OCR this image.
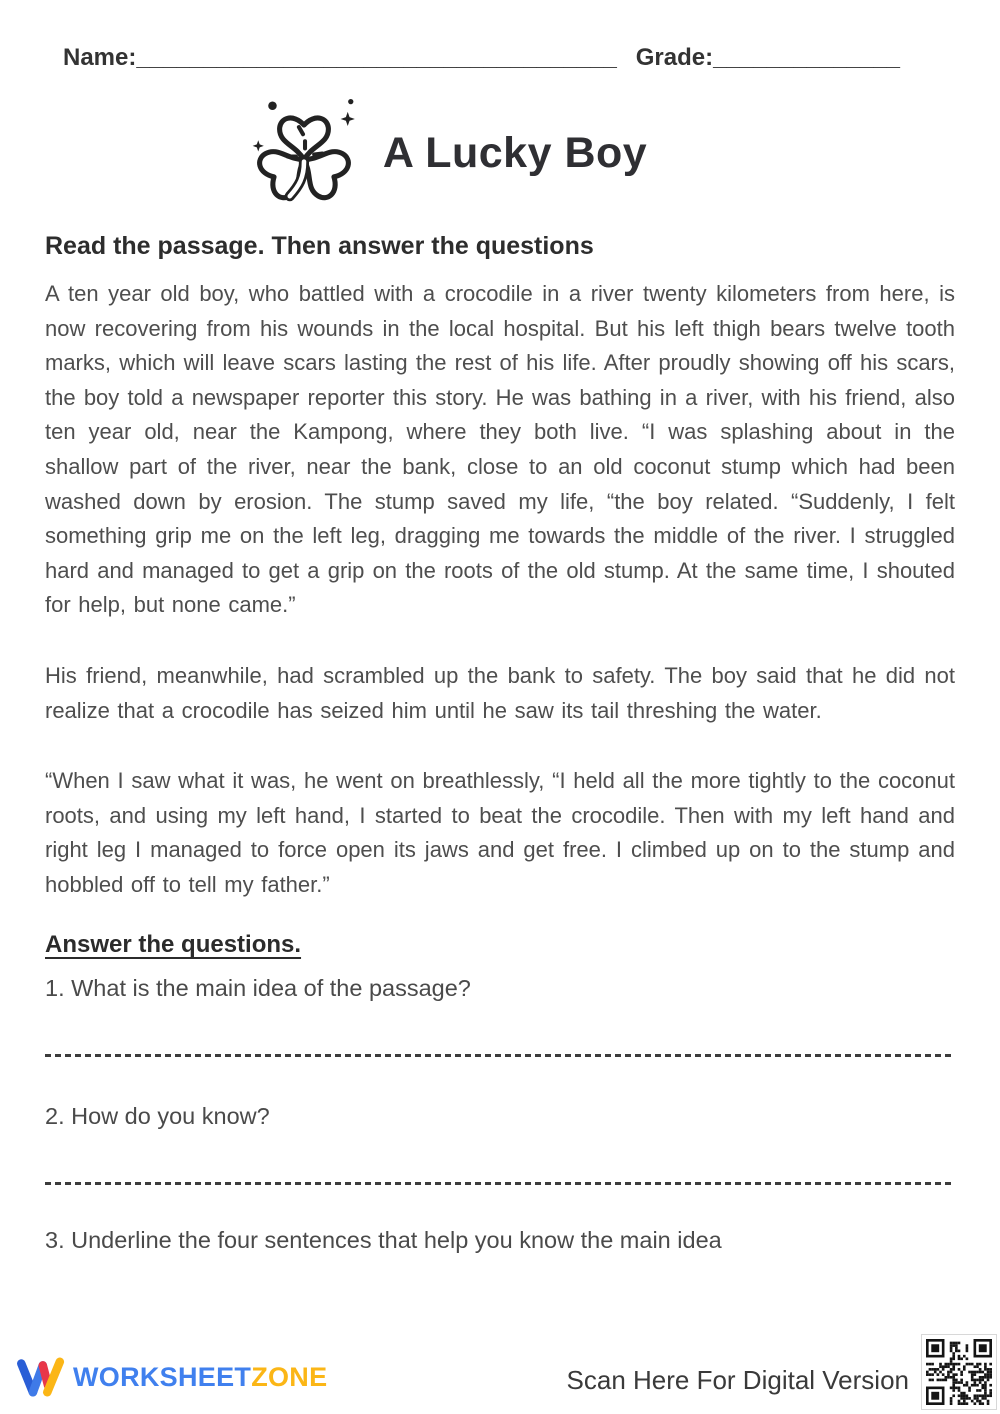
Name:____________________________________ Grade:______________
A Lucky Boy
Read the passage. Then answer the questions

A ten year old boy, who battled with a crocodile in a river twenty kilometers from here, is now recovering from his wounds in the local hospital. But his left thigh bears twelve tooth marks, which will leave scars lasting the rest of his life. After proudly showing off his scars, the boy told a newspaper reporter this story. He was bathing in a river, with his friend, also ten year old, near the Kampong, where they both live. “I was splashing about in the shallow part of the river, near the bank, close to an old coconut stump which had been washed down by erosion. The stump saved my life, “the boy related. “Suddenly, I felt something grip me on the left leg, dragging me towards the middle of the river. I struggled hard and managed to get a grip on the roots of the old stump. At the same time, I shouted for help, but none came.”

His friend, meanwhile, had scrambled up the bank to safety. The boy said that he did not realize that a crocodile has seized him until he saw its tail threshing the water.

“When I saw what it was, he went on breathlessly, “I held all the more tightly to the coconut roots, and using my left hand, I started to beat the crocodile. Then with my left hand and right leg I managed to force open its jaws and get free. I climbed up on to the stump and hobbled off to tell my father.”

Answer the questions.
1. What is the main idea of the passage?
2. How do you know?
3. Underline the four sentences that help you know the main idea
WORKSHEETZONE	Scan Here For Digital Version
